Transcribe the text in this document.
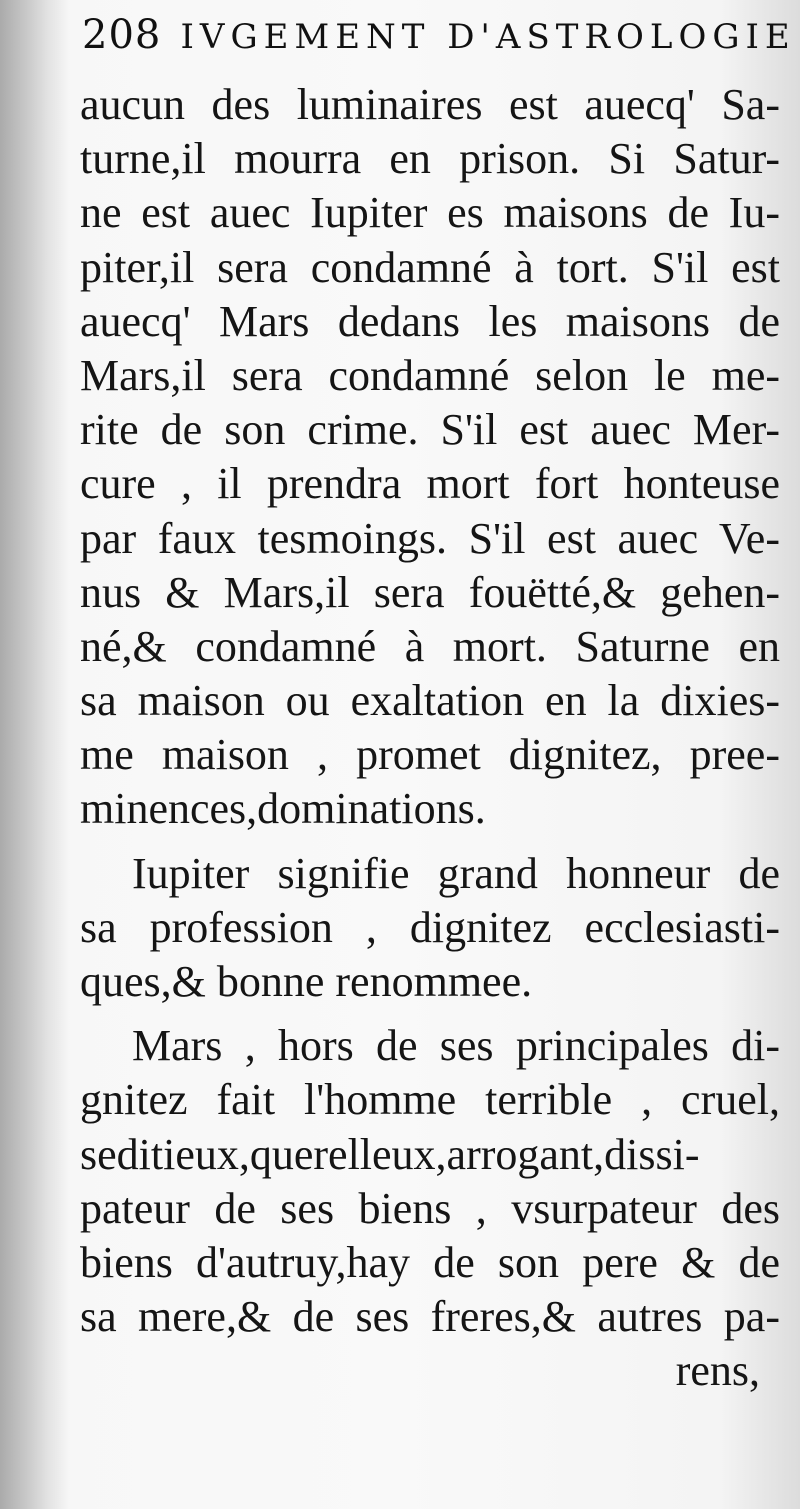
208 IVGEMENT D'ASTROLOGIE
aucun des luminaires est auecq' Sa-
turne,il mourra en prison. Si Satur-
ne est auec Iupiter es maisons de Iu-
piter,il sera condamné à tort. S'il est
auecq' Mars dedans les maisons de
Mars,il sera condamné selon le me-
rite de son crime. S'il est auec Mer-
cure , il prendra mort fort honteuse
par faux tesmoings. S'il est auec Ve-
nus & Mars,il sera fouëtté,& gehen-
né,& condamné à mort. Saturne en
sa maison ou exaltation en la dixies-
me maison , promet dignitez, pree-
minences,dominations.
Iupiter signifie grand honneur de
sa profession , dignitez ecclesiasti-
ques,& bonne renommee.
Mars , hors de ses principales di-
gnitez fait l'homme terrible , cruel,
seditieux,querelleux,arrogant,dissi-
pateur de ses biens , vsurpateur des
biens d'autruy,hay de son pere & de
sa mere,& de ses freres,& autres pa-
rens,
